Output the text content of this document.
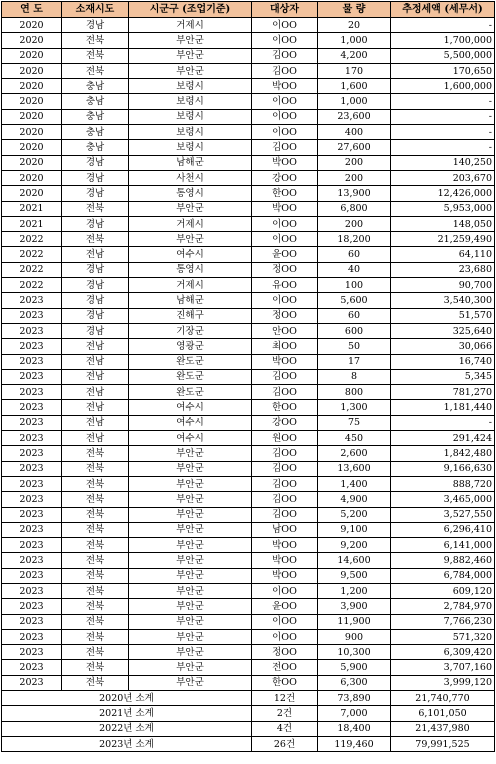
연 도	소재시도	시군구 (조업기준)	대상자	물 량	추정세액 (세무서)
2020	경남	거제시	이OO	20	-
2020	전북	부안군	이OO	1,000	1,700,000
2020	전북	부안군	김OO	4,200	5,500,000
2020	전북	부안군	김OO	170	170,650
2020	충남	보령시	박OO	1,600	1,600,000
2020	충남	보령시	이OO	1,000	-
2020	충남	보령시	이OO	23,600	-
2020	충남	보령시	이OO	400	-
2020	충남	보령시	김OO	27,600	-
2020	경남	남해군	박OO	200	140,250
2020	경남	사천시	강OO	200	203,670
2020	경남	통영시	한OO	13,900	12,426,000
2021	전북	부안군	박OO	6,800	5,953,000
2021	경남	거제시	이OO	200	148,050
2022	전북	부안군	이OO	18,200	21,259,490
2022	전남	여수시	윤OO	60	64,110
2022	경남	통영시	정OO	40	23,680
2022	경남	거제시	유OO	100	90,700
2023	경남	남해군	이OO	5,600	3,540,300
2023	경남	진해구	정OO	60	51,570
2023	경남	기장군	안OO	600	325,640
2023	전남	영광군	최OO	50	30,066
2023	전남	완도군	박OO	17	16,740
2023	전남	완도군	김OO	8	5,345
2023	전남	완도군	김OO	800	781,270
2023	전남	여수시	한OO	1,300	1,181,440
2023	전남	여수시	강OO	75	-
2023	전남	여수시	원OO	450	291,424
2023	전북	부안군	김OO	2,600	1,842,480
2023	전북	부안군	김OO	13,600	9,166,630
2023	전북	부안군	김OO	1,400	888,720
2023	전북	부안군	김OO	4,900	3,465,000
2023	전북	부안군	김OO	5,200	3,527,550
2023	전북	부안군	남OO	9,100	6,296,410
2023	전북	부안군	박OO	9,200	6,141,000
2023	전북	부안군	박OO	14,600	9,882,460
2023	전북	부안군	박OO	9,500	6,784,000
2023	전북	부안군	이OO	1,200	609,120
2023	전북	부안군	윤OO	3,900	2,784,970
2023	전북	부안군	이OO	11,900	7,766,230
2023	전북	부안군	이OO	900	571,320
2023	전북	부안군	정OO	10,300	6,309,420
2023	전북	부안군	전OO	5,900	3,707,160
2023	전북	부안군	한OO	6,300	3,999,120
2020년 소계			12건	73,890	21,740,770
2021년 소계			2건	7,000	6,101,050
2022년 소계			4건	18,400	21,437,980
2023년 소계			26건	119,460	79,991,525
